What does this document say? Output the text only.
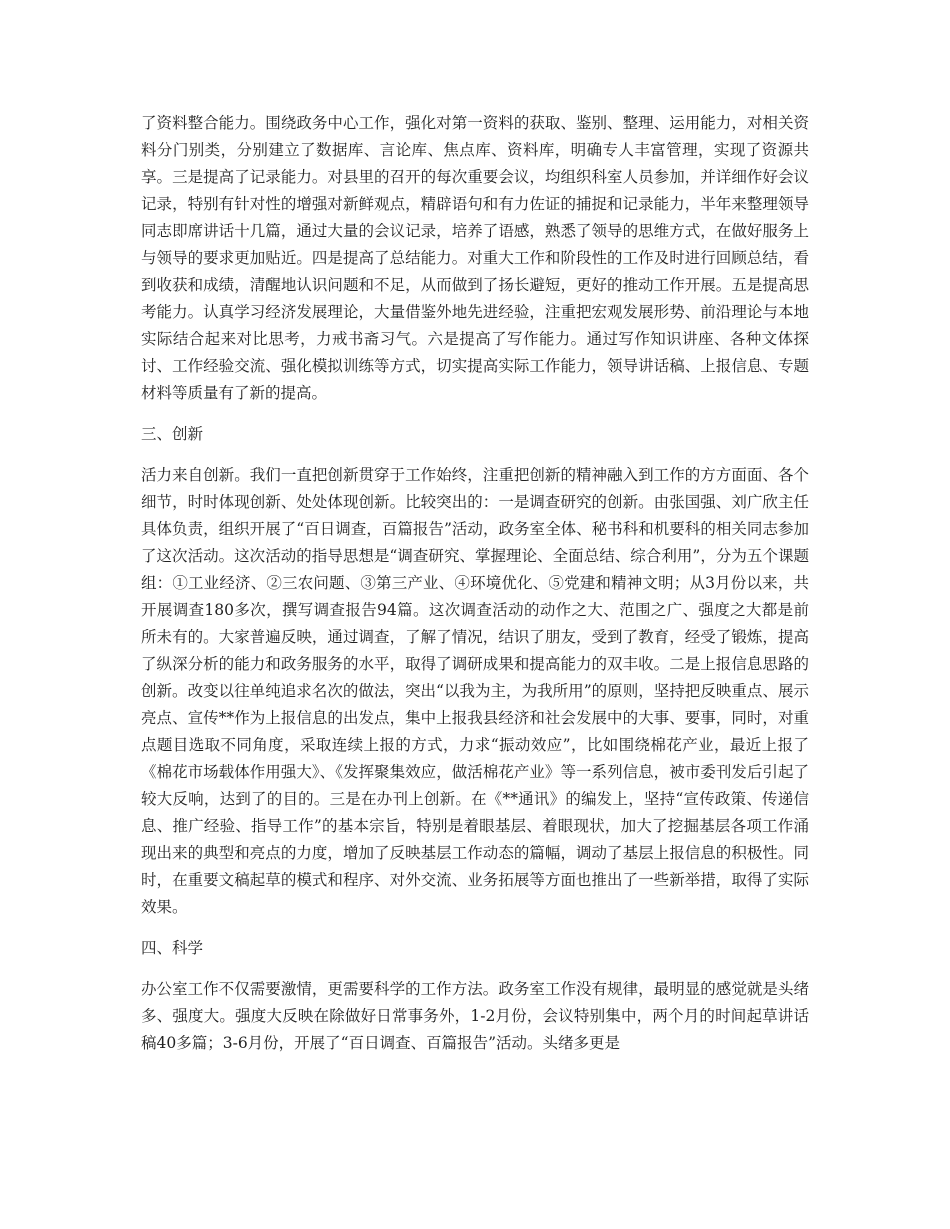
了资料整合能力。围绕政务中心工作，强化对第一资料的获取、鉴别、整理、运用能力，对相关资料分门别类，分别建立了数据库、言论库、焦点库、资料库，明确专人丰富管理，实现了资源共享。三是提高了记录能力。对县里的召开的每次重要会议，均组织科室人员参加，并详细作好会议记录，特别有针对性的增强对新鲜观点，精辟语句和有力佐证的捕捉和记录能力，半年来整理领导同志即席讲话十几篇，通过大量的会议记录，培养了语感，熟悉了领导的思维方式，在做好服务上与领导的要求更加贴近。四是提高了总结能力。对重大工作和阶段性的工作及时进行回顾总结，看到收获和成绩，清醒地认识问题和不足，从而做到了扬长避短，更好的推动工作开展。五是提高思考能力。认真学习经济发展理论，大量借鉴外地先进经验，注重把宏观发展形势、前沿理论与本地实际结合起来对比思考，力戒书斋习气。六是提高了写作能力。通过写作知识讲座、各种文体探讨、工作经验交流、强化模拟训练等方式，切实提高实际工作能力，领导讲话稿、上报信息、专题材料等质量有了新的提高。

三、创新

活力来自创新。我们一直把创新贯穿于工作始终，注重把创新的精神融入到工作的方方面面、各个细节，时时体现创新、处处体现创新。比较突出的：一是调查研究的创新。由张国强、刘广欣主任具体负责，组织开展了“百日调查，百篇报告”活动，政务室全体、秘书科和机要科的相关同志参加了这次活动。这次活动的指导思想是“调查研究、掌握理论、全面总结、综合利用”，分为五个课题组：①工业经济、②三农问题、③第三产业、④环境优化、⑤党建和精神文明；从3月份以来，共开展调查180多次，撰写调查报告94篇。这次调查活动的动作之大、范围之广、强度之大都是前所未有的。大家普遍反映，通过调查，了解了情况，结识了朋友，受到了教育，经受了锻炼，提高了纵深分析的能力和政务服务的水平，取得了调研成果和提高能力的双丰收。二是上报信息思路的创新。改变以往单纯追求名次的做法，突出“以我为主，为我所用”的原则，坚持把反映重点、展示亮点、宣传**作为上报信息的出发点，集中上报我县经济和社会发展中的大事、要事，同时，对重点题目选取不同角度，采取连续上报的方式，力求“振动效应”，比如围绕棉花产业，最近上报了《棉花市场载体作用强大》、《发挥聚集效应，做活棉花产业》等一系列信息，被市委刊发后引起了较大反响，达到了的目的。三是在办刊上创新。在《**通讯》的编发上，坚持“宣传政策、传递信息、推广经验、指导工作”的基本宗旨，特别是着眼基层、着眼现状，加大了挖掘基层各项工作涌现出来的典型和亮点的力度，增加了反映基层工作动态的篇幅，调动了基层上报信息的积极性。同时，在重要文稿起草的模式和程序、对外交流、业务拓展等方面也推出了一些新举措，取得了实际效果。

四、科学

办公室工作不仅需要激情，更需要科学的工作方法。政务室工作没有规律，最明显的感觉就是头绪多、强度大。强度大反映在除做好日常事务外，1-2月份，会议特别集中，两个月的时间起草讲话稿40多篇；3-6月份，开展了“百日调查、百篇报告”活动。头绪多更是
